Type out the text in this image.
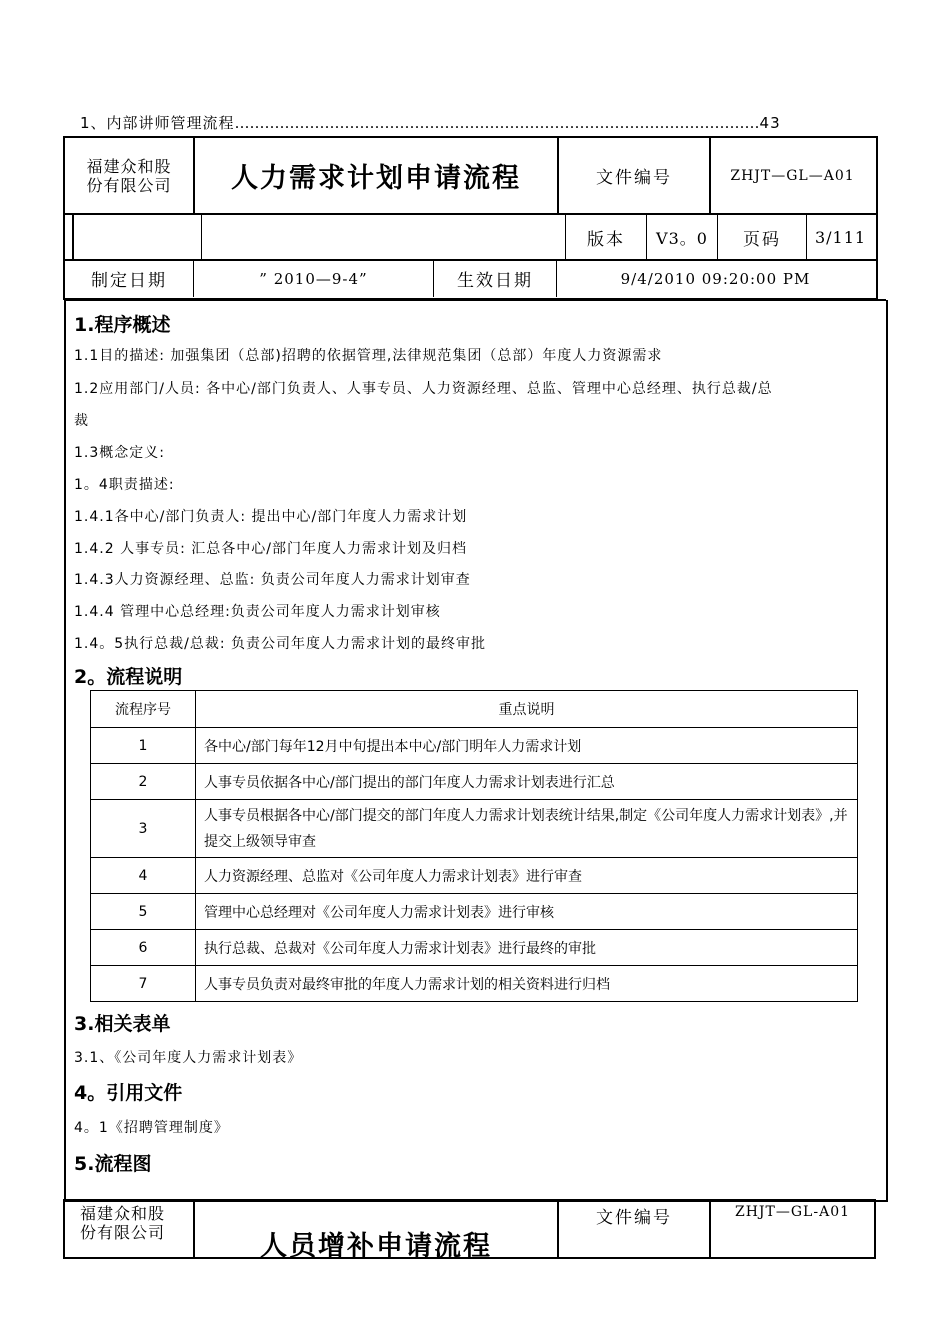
1、内部讲师管理流程……………………………………………………………………………………………43
福建众和股
份有限公司	人力需求计划申请流程	文件编号	ZHJT—GL—A01
版本	V3。0	页码	3/111
制定日期	” 2010—9-4”	生效日期	9/4/2010 09:20:00 PM
1.程序概述
1.1目的描述: 加强集团（总部)招聘的依据管理,法律规范集团（总部）年度人力资源需求
1.2应用部门/人员: 各中心/部门负责人、人事专员、人力资源经理、总监、管理中心总经理、执行总裁/总
裁
1.3概念定义:
1。4职责描述:
1.4.1各中心/部门负责人: 提出中心/部门年度人力需求计划
1.4.2 人事专员: 汇总各中心/部门年度人力需求计划及归档
1.4.3人力资源经理、总监: 负责公司年度人力需求计划审查
1.4.4 管理中心总经理:负责公司年度人力需求计划审核
1.4。5执行总裁/总裁: 负责公司年度人力需求计划的最终审批
2。流程说明
流程序号	重点说明
1	各中心/部门每年12月中旬提出本中心/部门明年人力需求计划
2	人事专员依据各中心/部门提出的部门年度人力需求计划表进行汇总
3	人事专员根据各中心/部门提交的部门年度人力需求计划表统计结果,制定《公司年度人力需求计划表》,并提交上级领导审查
4	人力资源经理、总监对《公司年度人力需求计划表》进行审查
5	管理中心总经理对《公司年度人力需求计划表》进行审核
6	执行总裁、总裁对《公司年度人力需求计划表》进行最终的审批
7	人事专员负责对最终审批的年度人力需求计划的相关资料进行归档
3.相关表单
3.1、《公司年度人力需求计划表》
4。引用文件
4。1《招聘管理制度》
5.流程图
福建众和股
份有限公司	人员增补申请流程
文件编号	ZHJT—GL-A01
